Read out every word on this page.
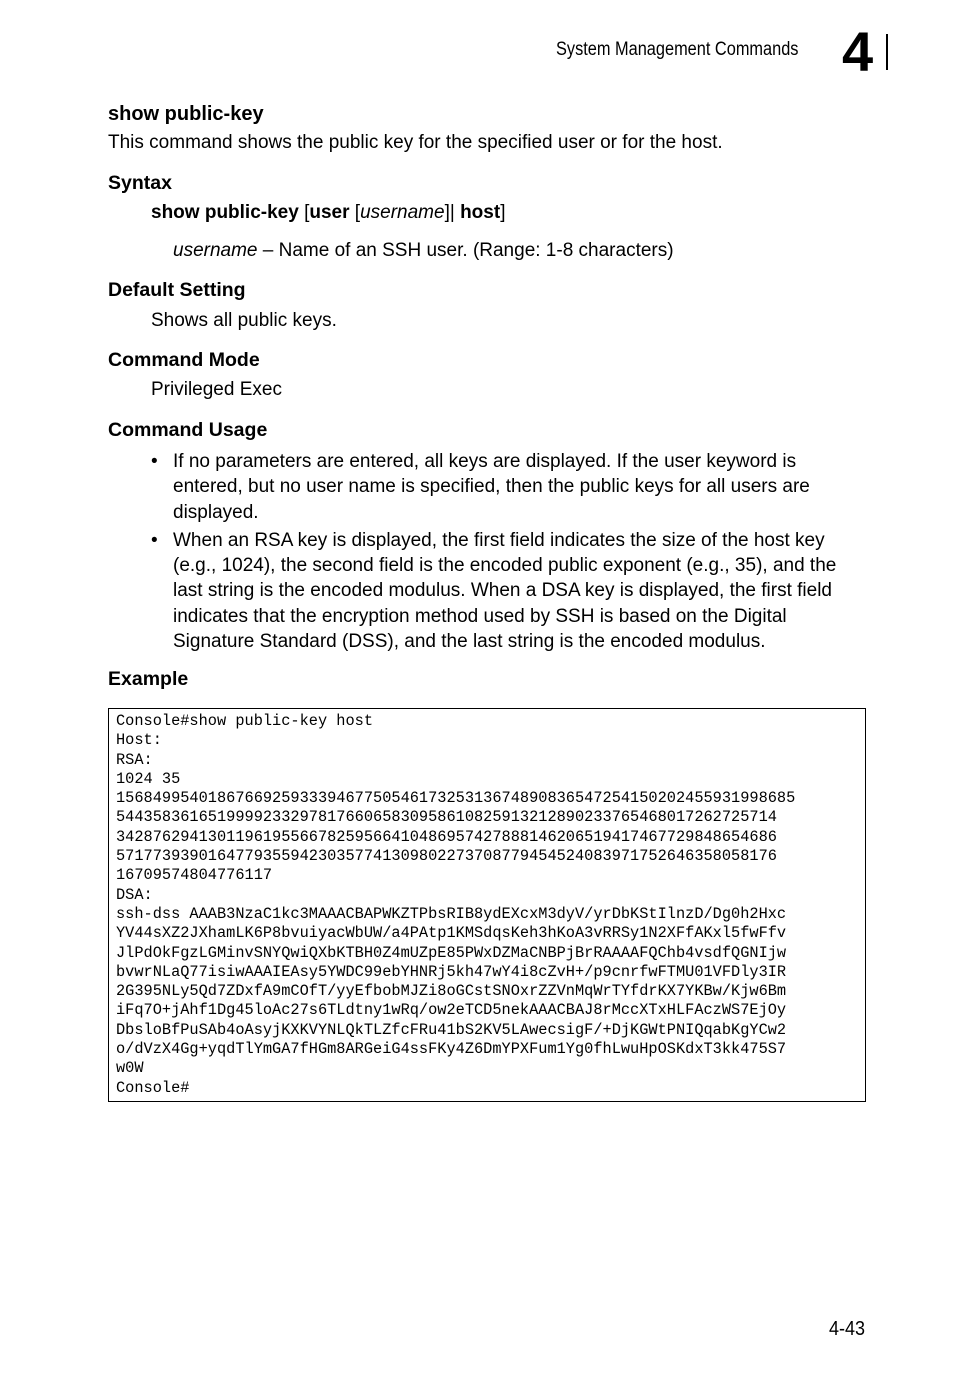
System Management Commands 4
show public-key
This command shows the public key for the specified user or for the host.
Syntax
show public-key [user [username]| host]
username – Name of an SSH user. (Range: 1-8 characters)
Default Setting
Shows all public keys.
Command Mode
Privileged Exec
Command Usage
• If no parameters are entered, all keys are displayed. If the user keyword is entered, but no user name is specified, then the public keys for all users are displayed.
• When an RSA key is displayed, the first field indicates the size of the host key (e.g., 1024), the second field is the encoded public exponent (e.g., 35), and the last string is the encoded modulus. When a DSA key is displayed, the first field indicates that the encryption method used by SSH is based on the Digital Signature Standard (DSS), and the last string is the encoded modulus.
Example
Console#show public-key host
Host:
RSA:
1024 35
15684995401867669259333946775054617325313674890836547254150202455931998685
544358361651999923329781766065830958610825913212890233765468017262725714
342876294130119619556678259566410486957427888146206519417467729848654686
571773939016477935594230357741309802273708779454524083971752646358058176
16709574804776117
DSA:
ssh-dss AAAB3NzaC1kc3MAAACBAPWKZTPbsRIB8ydEXcxM3dyV/yrDbKStIlnzD/Dg0h2Hxc
YV44sXZ2JXhamLK6P8bvuiyacWbUW/a4PAtp1KMSdqsKeh3hKoA3vRRSy1N2XFfAKxl5fwFfv
JlPdOkFgzLGMinvSNYQwiQXbKTBH0Z4mUZpE85PWxDZMaCNBPjBrRAAAAFQChb4vsdfQGNIjw
bvwrNLaQ77isiwAAAIEAsy5YWDC99ebYHNRj5kh47wY4i8cZvH+/p9cnrfwFTMU01VFDly3IR
2G395NLy5Qd7ZDxfA9mCOfT/yyEfbobMJZi8oGCstSNOxrZZVnMqWrTYfdrKX7YKBw/Kjw6Bm
iFq7O+jAhf1Dg45loAc27s6TLdtny1wRq/ow2eTCD5nekAAACBAJ8rMccXTxHLFAczWS7EjOy
DbsloBfPuSAb4oAsyjKXKVYNLQkTLZfcFRu41bS2KV5LAwecsigF/+DjKGWtPNIQqabKgYCw2
o/dVzX4Gg+yqdTlYmGA7fHGm8ARGeiG4ssFKy4Z6DmYPXFum1Yg0fhLwuHpOSKdxT3kk475S7
w0W
Console#
4-43
